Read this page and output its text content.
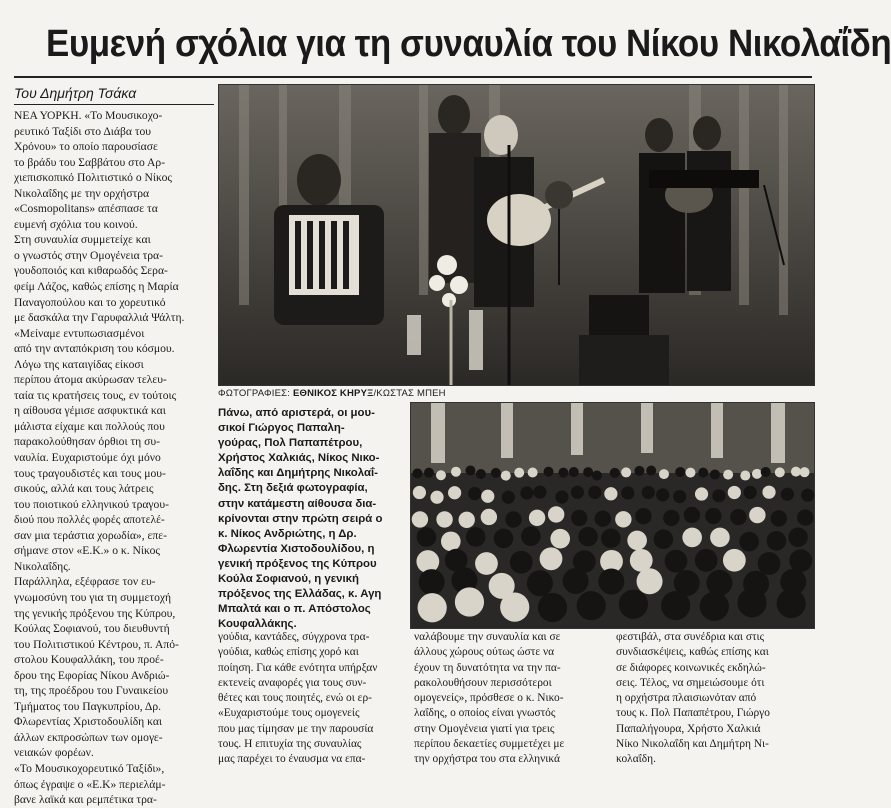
Ευμενή σχόλια για τη συναυλία του Νίκου Νικολαΐδη
Του Δημήτρη Τσάκα
ΝΕΑ ΥΟΡΚΗ. «Το Μουσικοχο-
ρευτικό Ταξίδι στο Διάβα του
Χρόνου» το οποίο παρουσίασε
το βράδυ του Σαββάτου στο Αρ-
χιεπισκοπικό Πολιτιστικό ο Νίκος
Νικολαΐδης με την ορχήστρα
«Cosmopolitans» απέσπασε τα
ευμενή σχόλια του κοινού.
Στη συναυλία συμμετείχε και
ο γνωστός στην Ομογένεια τρα-
γουδοποιός και κιθαρωδός Σερα-
φείμ Λάζος, καθώς επίσης η Μαρία
Παναγοπούλου και το χορευτικό
με δασκάλα την Γαρυφαλλιά Ψάλτη.
«Μείναμε εντυπωσιασμένοι
από την ανταπόκριση του κόσμου.
Λόγω της καταιγίδας είκοσι
περίπου άτομα ακύρωσαν τελευ-
ταία τις κρατήσεις τους, εν τούτοις
η αίθουσα γέμισε ασφυκτικά και
μάλιστα είχαμε και πολλούς που
παρακολούθησαν όρθιοι τη συ-
ναυλία. Ευχαριστούμε όχι μόνο
τους τραγουδιστές και τους μου-
σικούς, αλλά και τους λάτρεις
του ποιοτικού ελληνικού τραγου-
διού που πολλές φορές αποτελέ-
σαν μια τεράστια χορωδία», επε-
σήμανε στον «Ε.Κ.» ο κ. Νίκος
Νικολαΐδης.
Παράλληλα, εξέφρασε τον ευ-
γνωμοσύνη του για τη συμμετοχή
της γενικής πρόξενου της Κύπρου,
Κούλας Σοφιανού, του διευθυντή
του Πολιτιστικού Κέντρου, π. Από-
στολου Κουφαλλάκη, του προέ-
δρου της Εφορίας Νίκου Ανδριώ-
τη, της προέδρου του Γυναικείου
Τμήματος του Παγκυπρίου, Δρ.
Φλωρεντίας Χριστοδουλίδη και
άλλων εκπροσώπων των ομογε-
νειακών φορέων.
«Το Μουσικοχορευτικό Ταξίδι»,
όπως έγραψε ο «Ε.Κ» περιελάμ-
βανε λαϊκά και ρεμπέτικα τρα-
ΦΩΤΟΓΡΑΦΙΕΣ: ΕΘΝΙΚΟΣ ΚΗΡΥΞ/ΚΩΣΤΑΣ ΜΠΕΗ
Πάνω, από αριστερά, οι μου-
σικοί Γιώργος Παπαλη-
γούρας, Πολ Παπαπέτρου,
Χρήστος Χαλκιάς, Νίκος Νικο-
λαΐδης και Δημήτρης Νικολαΐ-
δης. Στη δεξιά φωτογραφία,
στην κατάμεστη αίθουσα δια-
κρίνονται στην πρώτη σειρά ο
κ. Νίκος Ανδριώτης, η Δρ.
Φλωρεντία Χιστοδουλίδου, η
γενική πρόξενος της Κύπρου
Κούλα Σοφιανού, η γενική
πρόξενος της Ελλάδας, κ. Αγη
Μπαλτά και ο π. Απόστολος
Κουφαλλάκης.
γούδια, καντάδες, σύγχρονα τρα-
γούδια, καθώς επίσης χορό και
ποίηση. Για κάθε ενότητα υπήρξαν
εκτενείς αναφορές για τους συν-
θέτες και τους ποιητές, ενώ οι ερ-
«Ευχαριστούμε τους ομογενείς
που μας τίμησαν με την παρουσία
τους. Η επιτυχία της συναυλίας
μας παρέχει το έναυσμα να επα-
ναλάβουμε την συναυλία και σε
άλλους χώρους ούτως ώστε να
έχουν τη δυνατότητα να την πα-
ρακολουθήσουν περισσότεροι
ομογενείς», πρόσθεσε ο κ. Νικο-
λαΐδης, ο οποίος είναι γνωστός
στην Ομογένεια γιατί για τρεις
περίπου δεκαετίες συμμετέχει με
την ορχήστρα του στα ελληνικά
φεστιβάλ, στα συνέδρια και στις
συνδιασκέψεις, καθώς επίσης και
σε διάφορες κοινωνικές εκδηλώ-
σεις. Τέλος, να σημειώσουμε ότι
η ορχήστρα πλαισιωνόταν από
τους κ. Πολ Παπαπέτρου, Γιώργο
Παπαλήγουρα, Χρήστο Χαλκιά
Νίκο Νικολαΐδη και Δημήτρη Νι-
κολαΐδη.
